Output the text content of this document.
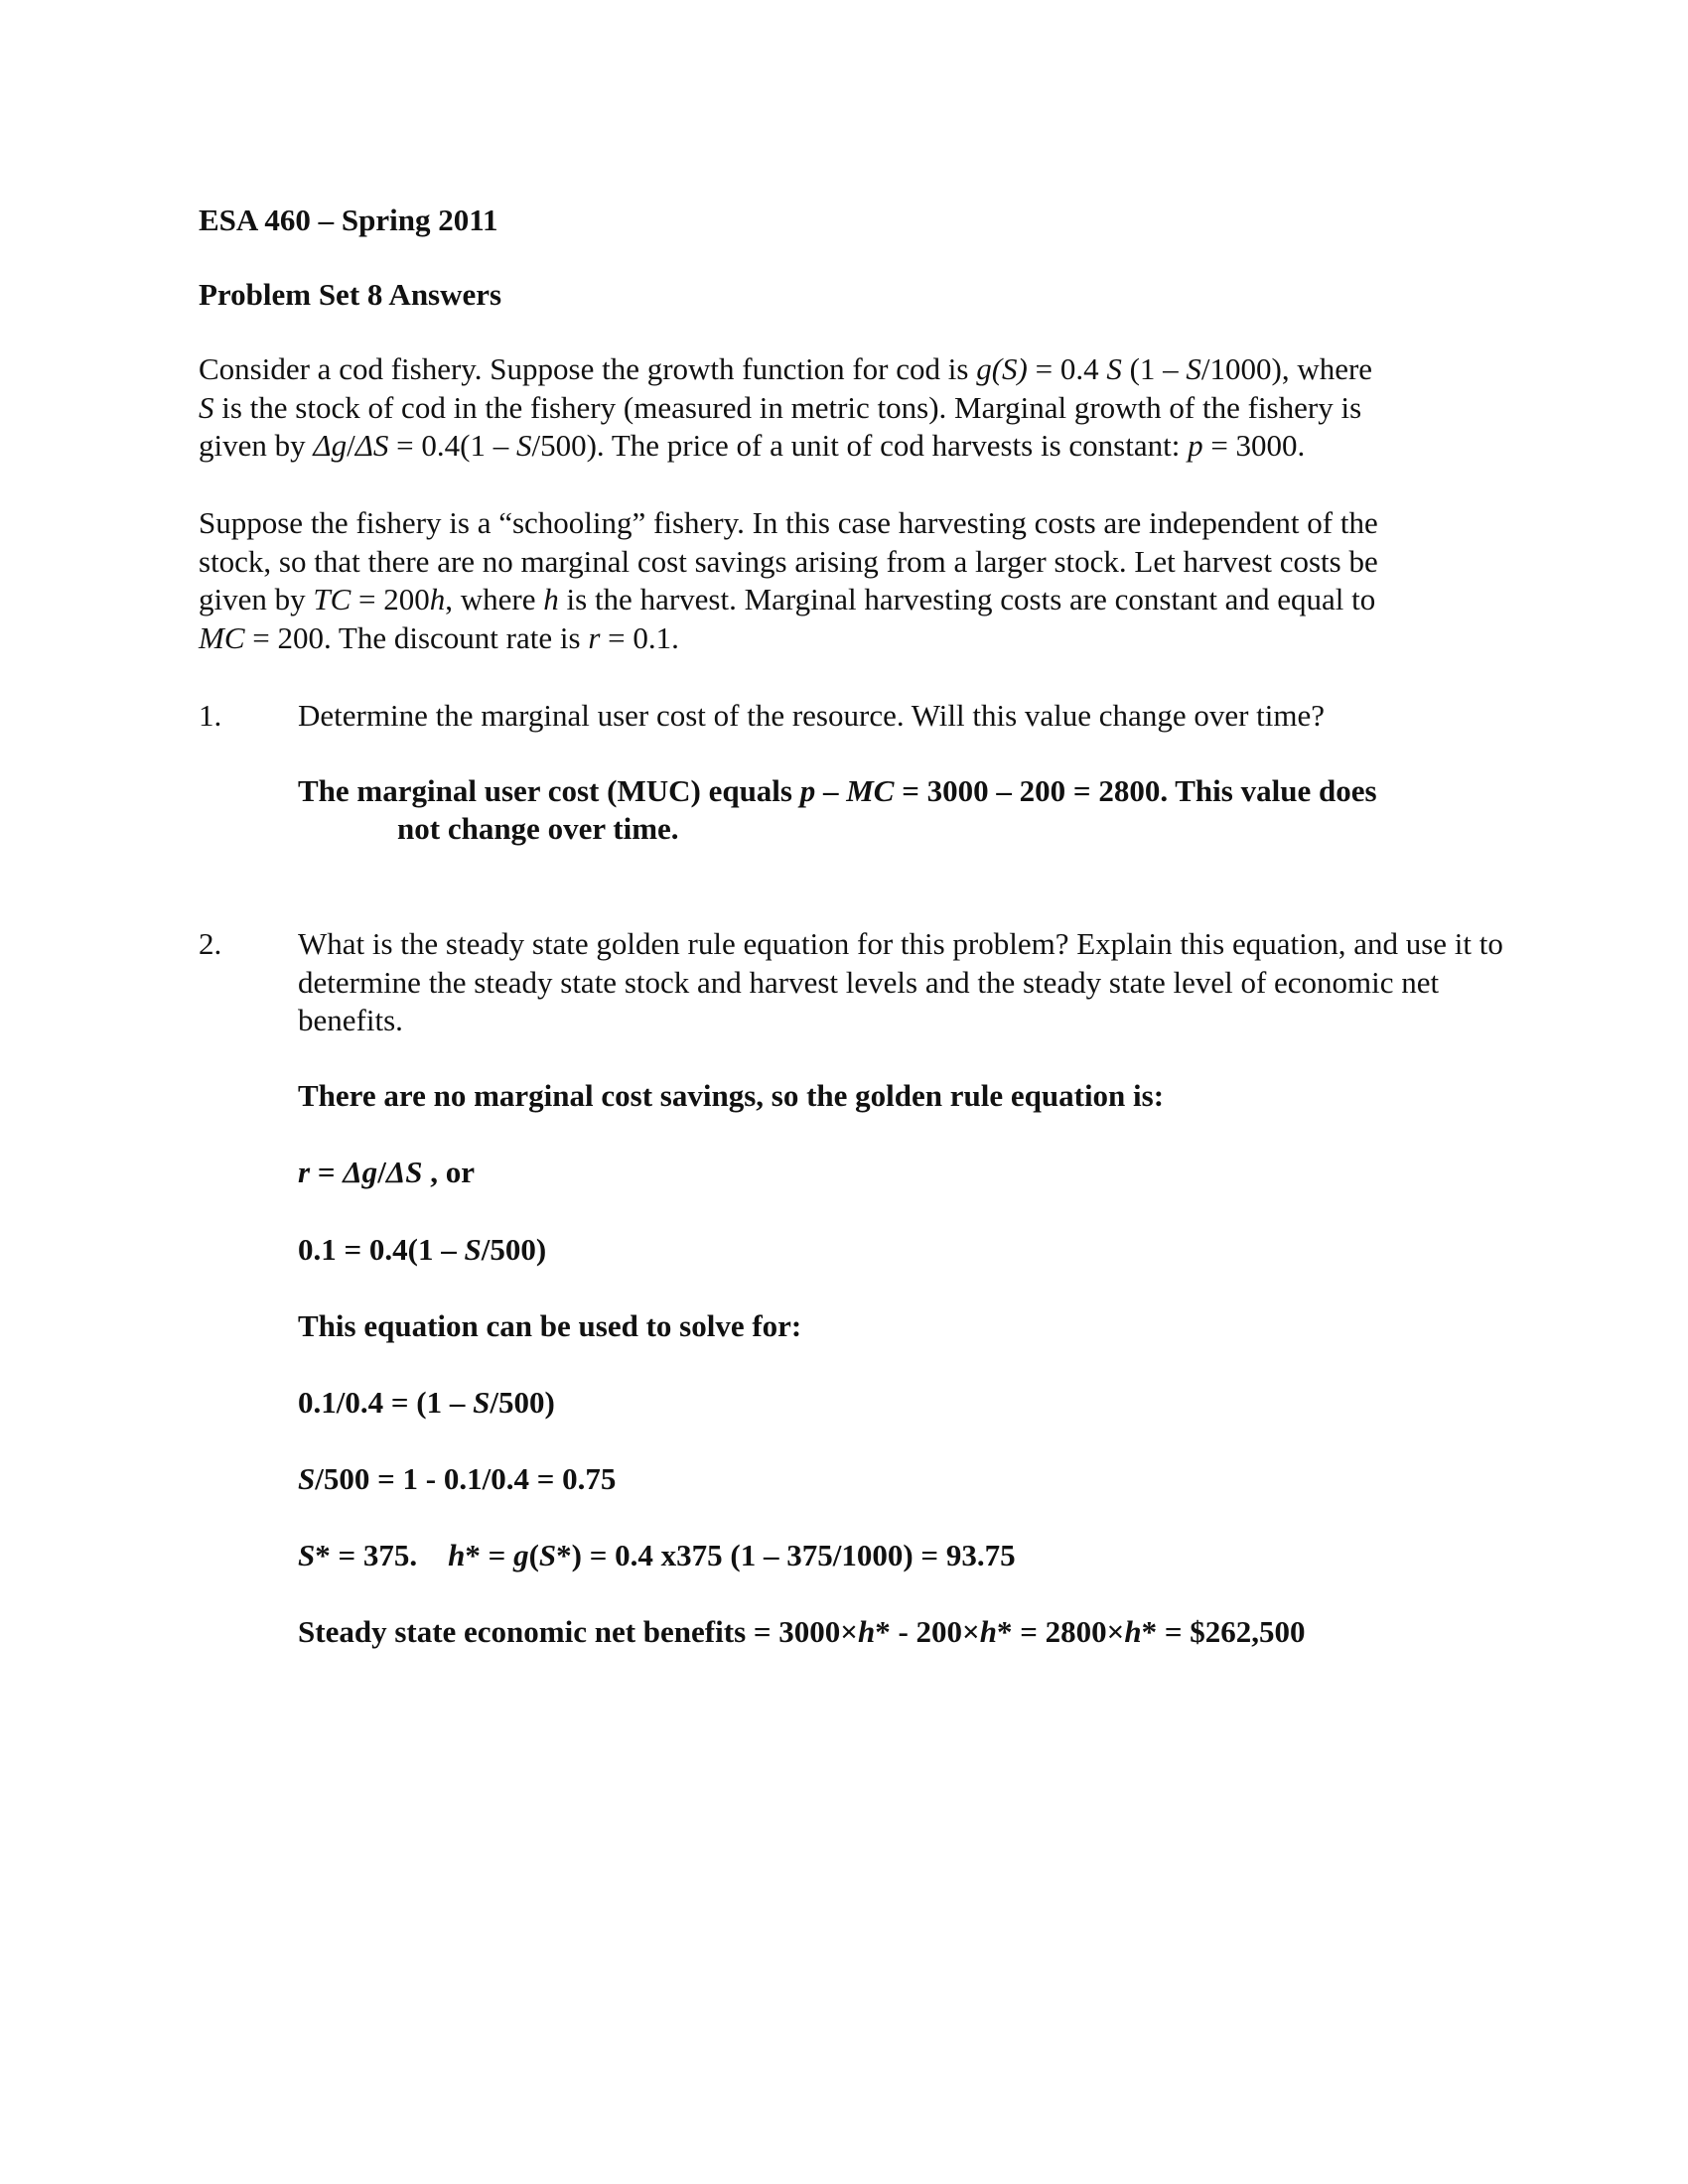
ESA 460 – Spring 2011
Problem Set 8 Answers
Consider a cod fishery. Suppose the growth function for cod is g(S) = 0.4 S (1 – S/1000), where
S is the stock of cod in the fishery (measured in metric tons). Marginal growth of the fishery is
given by Δg/ΔS = 0.4(1 – S/500). The price of a unit of cod harvests is constant: p = 3000.
Suppose the fishery is a “schooling” fishery. In this case harvesting costs are independent of the
stock, so that there are no marginal cost savings arising from a larger stock. Let harvest costs be
given by TC = 200h, where h is the harvest. Marginal harvesting costs are constant and equal to
MC = 200. The discount rate is r = 0.1.
1. Determine the marginal user cost of the resource. Will this value change over time?
The marginal user cost (MUC) equals p – MC = 3000 – 200 = 2800. This value does
not change over time.
2. What is the steady state golden rule equation for this problem? Explain this equation, and use it to determine the steady state stock and harvest levels and the steady state level of economic net benefits.
There are no marginal cost savings, so the golden rule equation is:
r = Δg/ΔS , or
0.1 = 0.4(1 – S/500)
This equation can be used to solve for:
0.1/0.4 = (1 – S/500)
S/500 = 1 - 0.1/0.4 = 0.75
S* = 375.    h* = g(S*) = 0.4 x375 (1 – 375/1000) = 93.75
Steady state economic net benefits = 3000×h* - 200×h* = 2800×h* = $262,500
